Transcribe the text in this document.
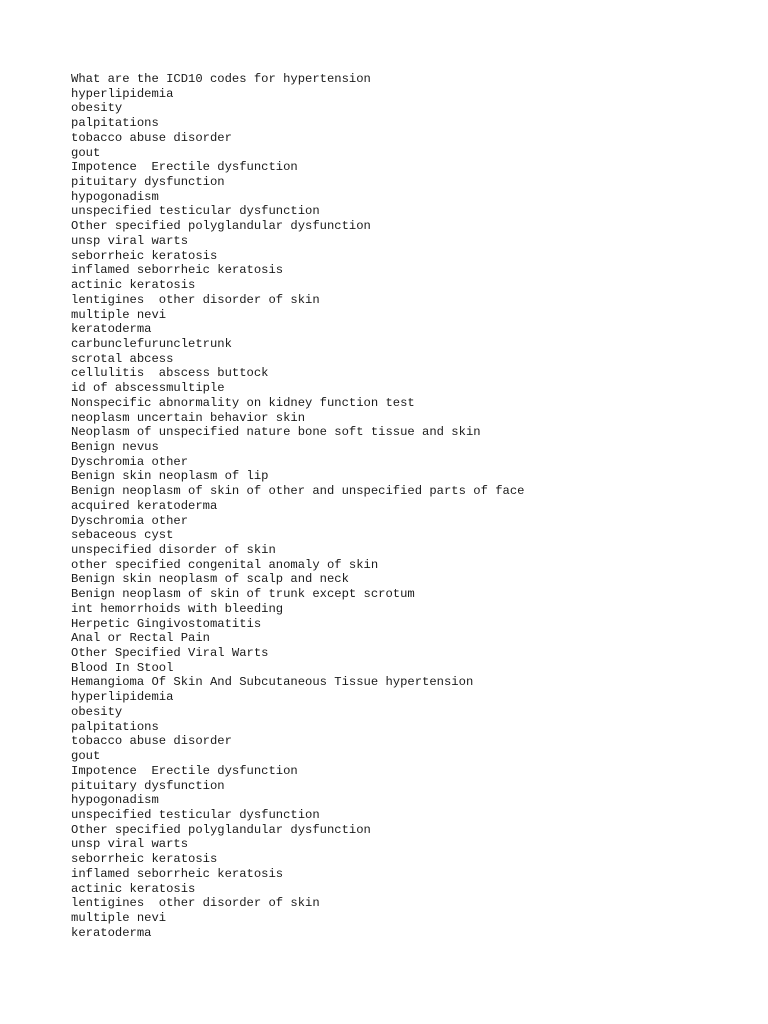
What are the ICD10 codes for hypertension
hyperlipidemia
obesity
palpitations
tobacco abuse disorder
gout
Impotence  Erectile dysfunction
pituitary dysfunction
hypogonadism
unspecified testicular dysfunction
Other specified polyglandular dysfunction
unsp viral warts
seborrheic keratosis
inflamed seborrheic keratosis
actinic keratosis
lentigines  other disorder of skin
multiple nevi
keratoderma
carbunclefuruncletrunk
scrotal abcess
cellulitis  abscess buttock
id of abscessmultiple
Nonspecific abnormality on kidney function test
neoplasm uncertain behavior skin
Neoplasm of unspecified nature bone soft tissue and skin
Benign nevus
Dyschromia other
Benign skin neoplasm of lip
Benign neoplasm of skin of other and unspecified parts of face
acquired keratoderma
Dyschromia other
sebaceous cyst
unspecified disorder of skin
other specified congenital anomaly of skin
Benign skin neoplasm of scalp and neck
Benign neoplasm of skin of trunk except scrotum
int hemorrhoids with bleeding
Herpetic Gingivostomatitis
Anal or Rectal Pain
Other Specified Viral Warts
Blood In Stool
Hemangioma Of Skin And Subcutaneous Tissue hypertension
hyperlipidemia
obesity
palpitations
tobacco abuse disorder
gout
Impotence  Erectile dysfunction
pituitary dysfunction
hypogonadism
unspecified testicular dysfunction
Other specified polyglandular dysfunction
unsp viral warts
seborrheic keratosis
inflamed seborrheic keratosis
actinic keratosis
lentigines  other disorder of skin
multiple nevi
keratoderma
